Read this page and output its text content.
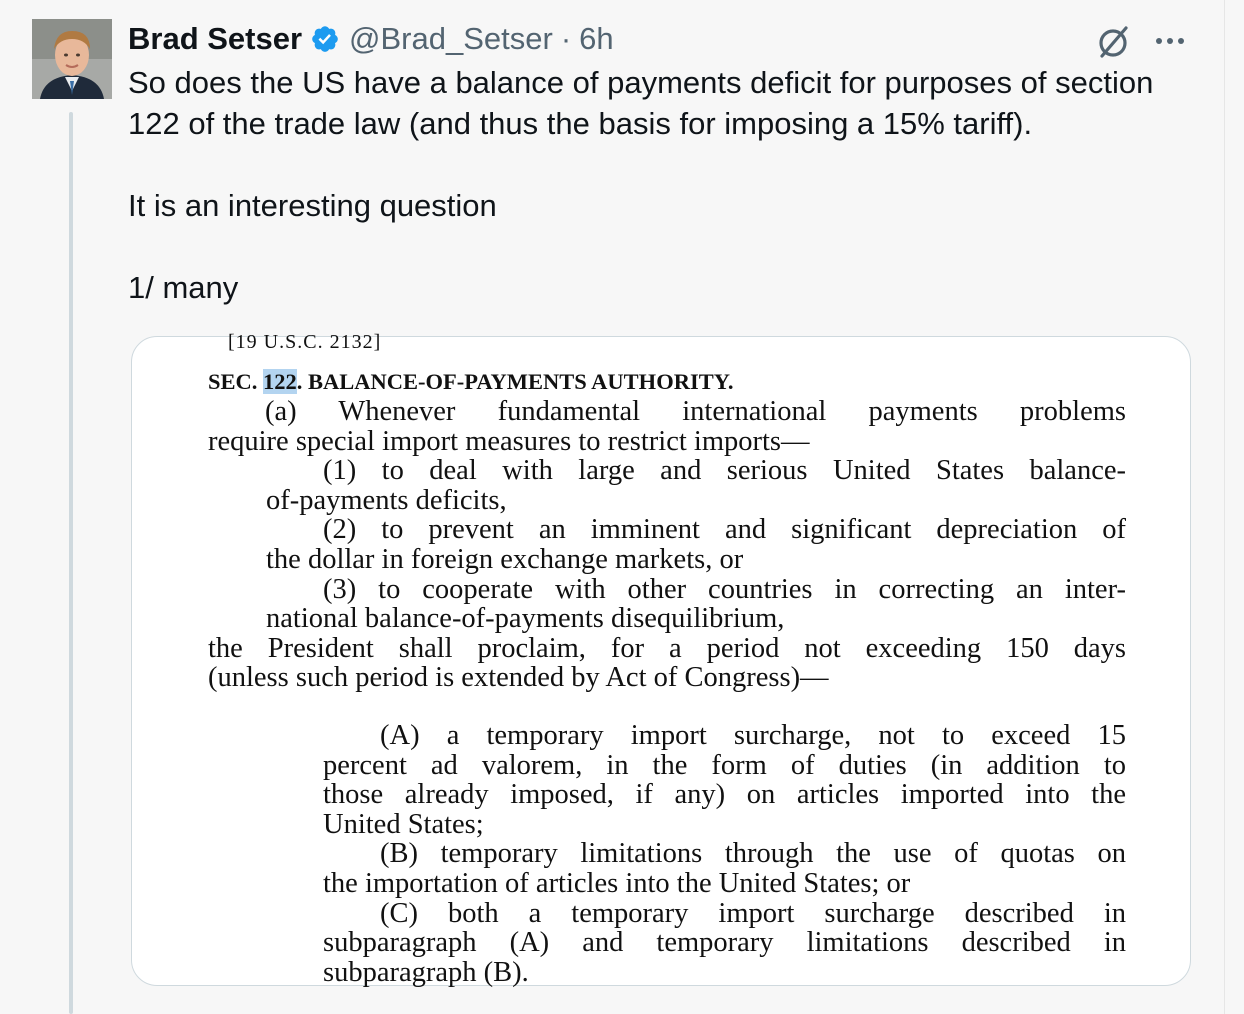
Brad Setser @Brad_Setser · 6h

So does the US have a balance of payments deficit for purposes of section

122 of the trade law (and thus the basis for imposing a 15% tariff).

It is an interesting question

1/ many

[19 U.S.C. 2132]
SEC. 122. BALANCE-OF-PAYMENTS AUTHORITY.
(a) Whenever fundamental international payments problems
require special import measures to restrict imports—
(1) to deal with large and serious United States balance-
of-payments deficits,
(2) to prevent an imminent and significant depreciation of
the dollar in foreign exchange markets, or
(3) to cooperate with other countries in correcting an inter-
national balance-of-payments disequilibrium,
the President shall proclaim, for a period not exceeding 150 days
(unless such period is extended by Act of Congress)—
(A) a temporary import surcharge, not to exceed 15
percent ad valorem, in the form of duties (in addition to
those already imposed, if any) on articles imported into the
United States;
(B) temporary limitations through the use of quotas on
the importation of articles into the United States; or
(C) both a temporary import surcharge described in
subparagraph (A) and temporary limitations described in
subparagraph (B).
